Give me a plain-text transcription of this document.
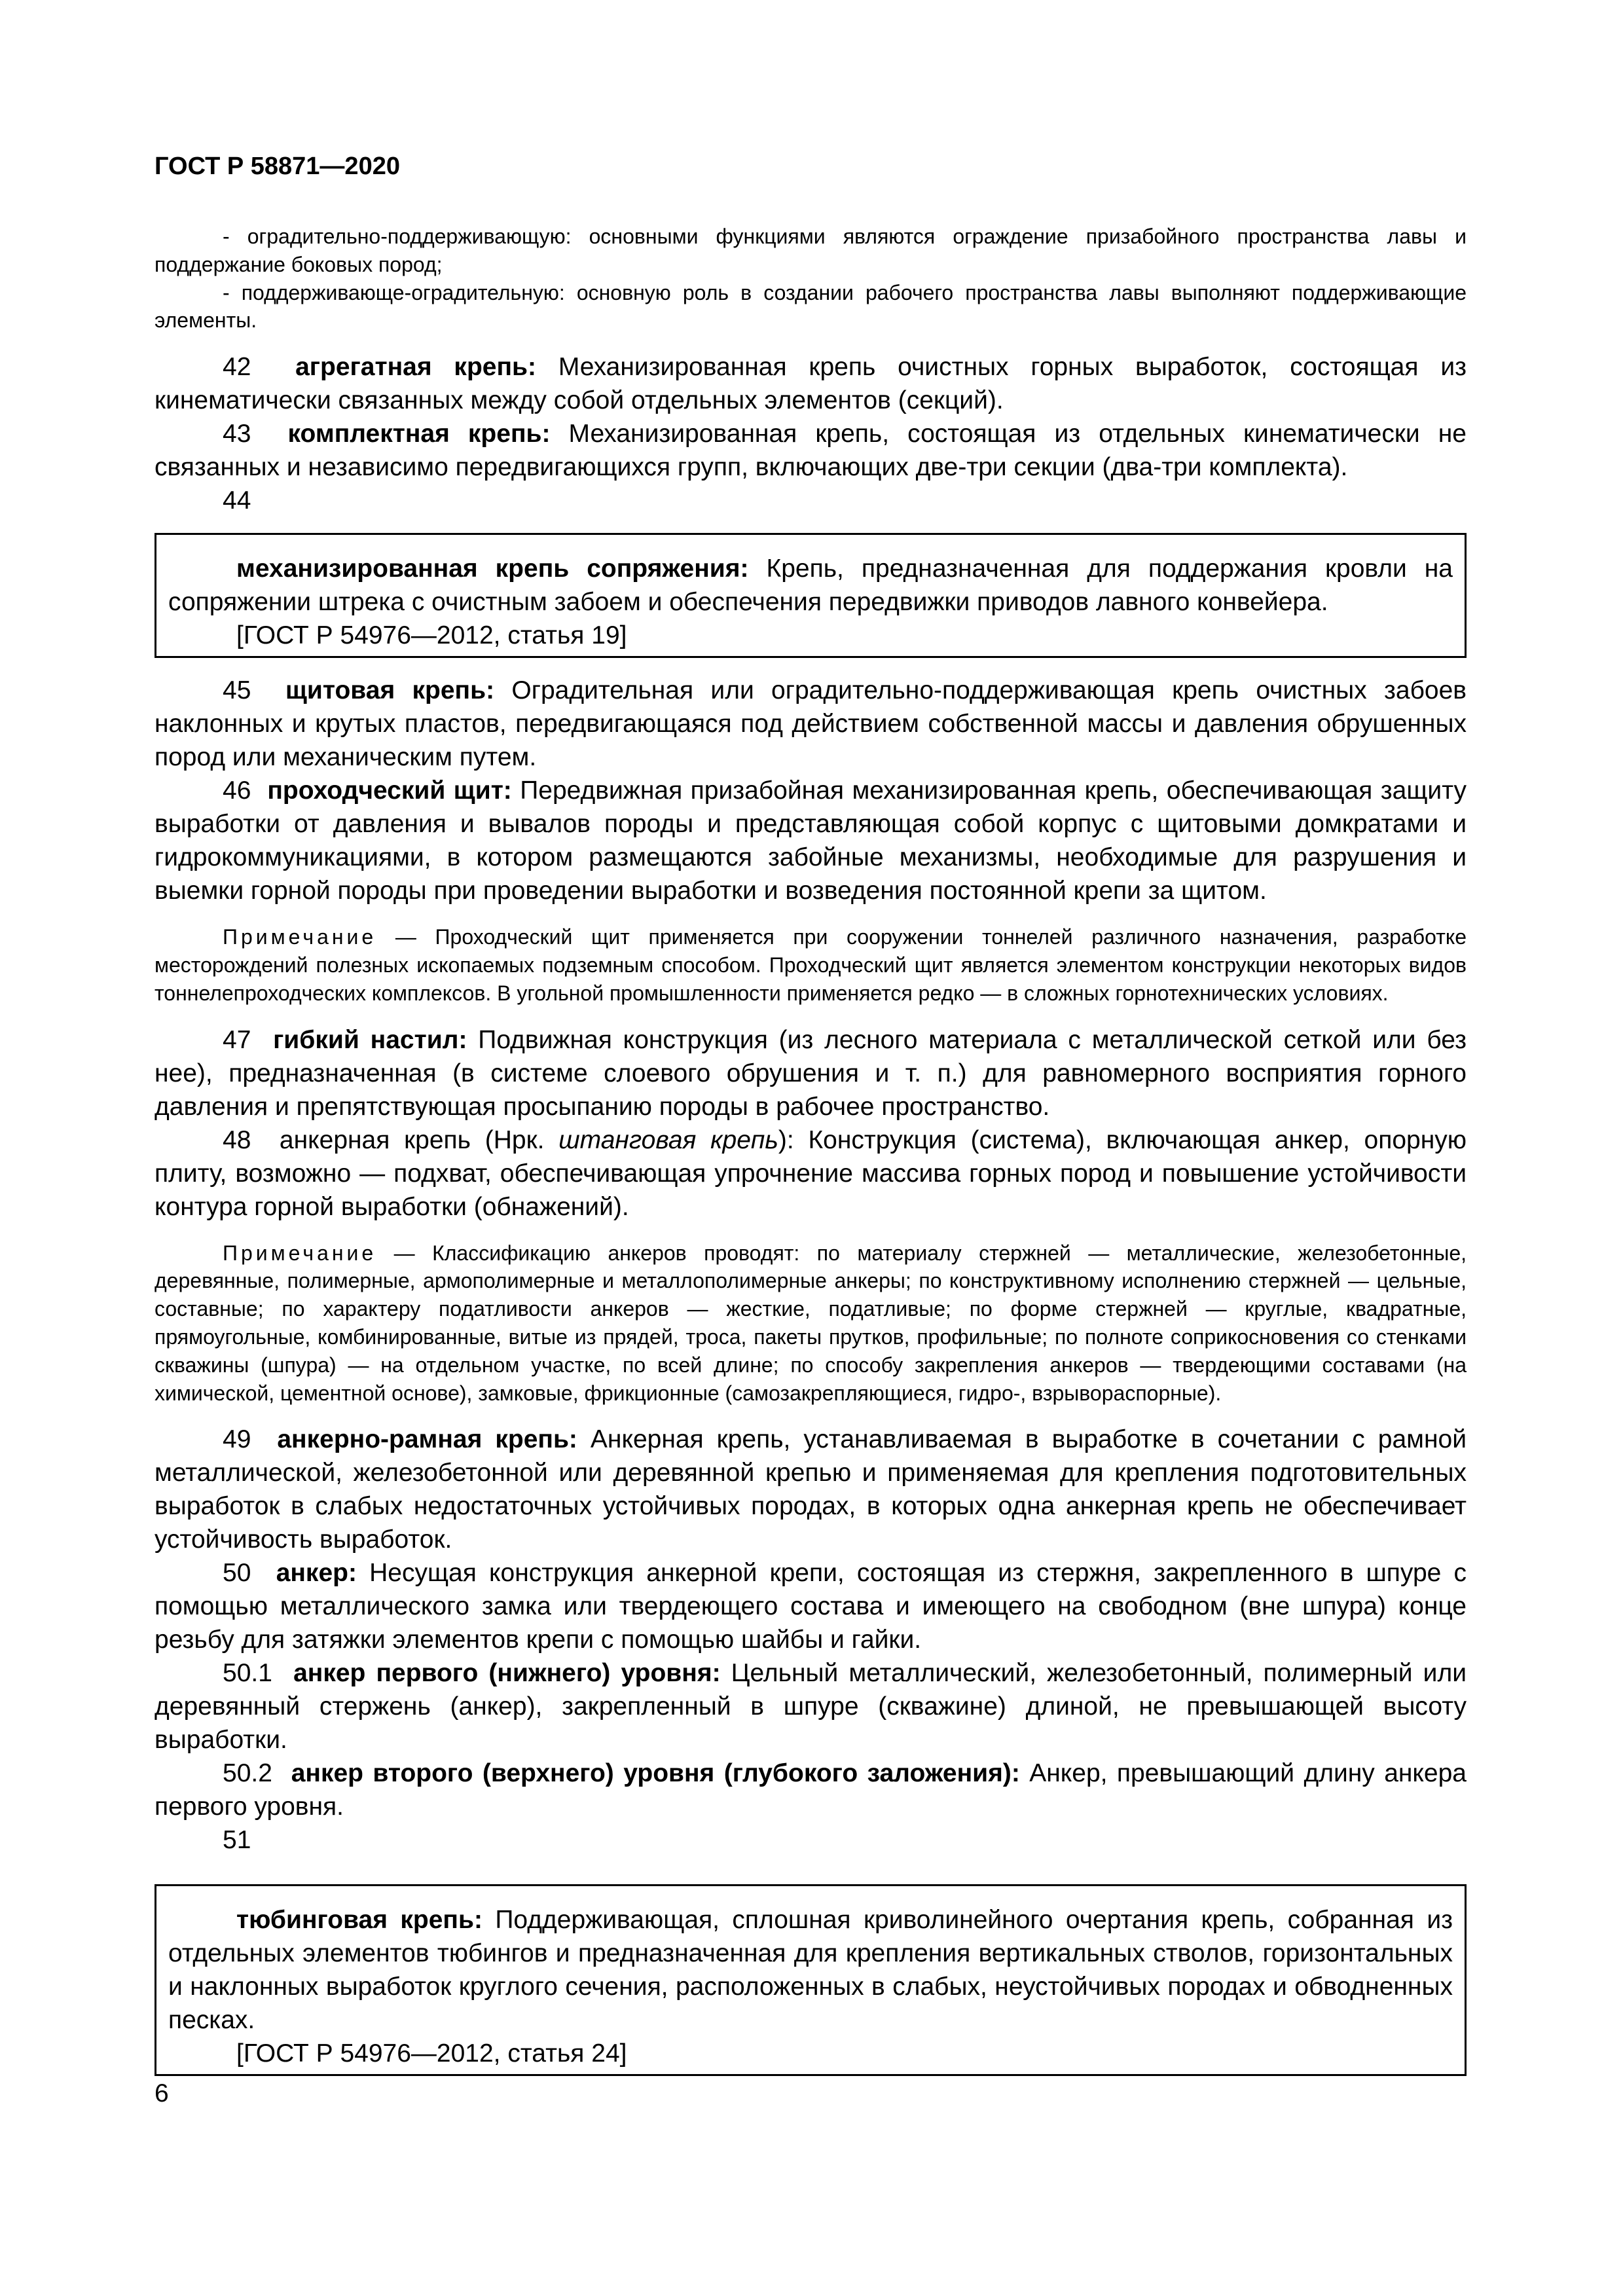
ГОСТ Р 58871—2020

- оградительно-поддерживающую: основными функциями являются ограждение призабойного пространства лавы и поддержание боковых пород;

- поддерживающе-оградительную: основную роль в создании рабочего пространства лавы выполняют поддерживающие элементы.

42 агрегатная крепь: Механизированная крепь очистных горных выработок, состоящая из кинематически связанных между собой отдельных элементов (секций).

43 комплектная крепь: Механизированная крепь, состоящая из отдельных кинематически не связанных и независимо передвигающихся групп, включающих две-три секции (два-три комплекта).

44

механизированная крепь сопряжения: Крепь, предназначенная для поддержания кровли на сопряжении штрека с очистным забоем и обеспечения передвижки приводов лавного конвейера.

[ГОСТ Р 54976—2012, статья 19]

45 щитовая крепь: Оградительная или оградительно-поддерживающая крепь очистных забоев наклонных и крутых пластов, передвигающаяся под действием собственной массы и давления обрушенных пород или механическим путем.

46 проходческий щит: Передвижная призабойная механизированная крепь, обеспечивающая защиту выработки от давления и вывалов породы и представляющая собой корпус с щитовыми домкратами и гидрокоммуникациями, в котором размещаются забойные механизмы, необходимые для разрушения и выемки горной породы при проведении выработки и возведения постоянной крепи за щитом.

Примечание — Проходческий щит применяется при сооружении тоннелей различного назначения, разработке месторождений полезных ископаемых подземным способом. Проходческий щит является элементом конструкции некоторых видов тоннелепроходческих комплексов. В угольной промышленности применяется редко — в сложных горнотехнических условиях.

47 гибкий настил: Подвижная конструкция (из лесного материала с металлической сеткой или без нее), предназначенная (в системе слоевого обрушения и т. п.) для равномерного восприятия горного давления и препятствующая просыпанию породы в рабочее пространство.

48 анкерная крепь (Нрк. штанговая крепь): Конструкция (система), включающая анкер, опорную плиту, возможно — подхват, обеспечивающая упрочнение массива горных пород и повышение устойчивости контура горной выработки (обнажений).

Примечание — Классификацию анкеров проводят: по материалу стержней — металлические, железобетонные, деревянные, полимерные, армополимерные и металлополимерные анкеры; по конструктивному исполнению стержней — цельные, составные; по характеру податливости анкеров — жесткие, податливые; по форме стержней — круглые, квадратные, прямоугольные, комбинированные, витые из прядей, троса, пакеты прутков, профильные; по полноте соприкосновения со стенками скважины (шпура) — на отдельном участке, по всей длине; по способу закрепления анкеров — твердеющими составами (на химической, цементной основе), замковые, фрикционные (самозакрепляющиеся, гидро-, взрывораспорные).

49 анкерно-рамная крепь: Анкерная крепь, устанавливаемая в выработке в сочетании с рамной металлической, железобетонной или деревянной крепью и применяемая для крепления подготовительных выработок в слабых недостаточных устойчивых породах, в которых одна анкерная крепь не обеспечивает устойчивость выработок.

50 анкер: Несущая конструкция анкерной крепи, состоящая из стержня, закрепленного в шпуре с помощью металлического замка или твердеющего состава и имеющего на свободном (вне шпура) конце резьбу для затяжки элементов крепи с помощью шайбы и гайки.

50.1 анкер первого (нижнего) уровня: Цельный металлический, железобетонный, полимерный или деревянный стержень (анкер), закрепленный в шпуре (скважине) длиной, не превышающей высоту выработки.

50.2 анкер второго (верхнего) уровня (глубокого заложения): Анкер, превышающий длину анкера первого уровня.

51

тюбинговая крепь: Поддерживающая, сплошная криволинейного очертания крепь, собранная из отдельных элементов тюбингов и предназначенная для крепления вертикальных стволов, горизонтальных и наклонных выработок круглого сечения, расположенных в слабых, неустойчивых породах и обводненных песках.

[ГОСТ Р 54976—2012, статья 24]

6
